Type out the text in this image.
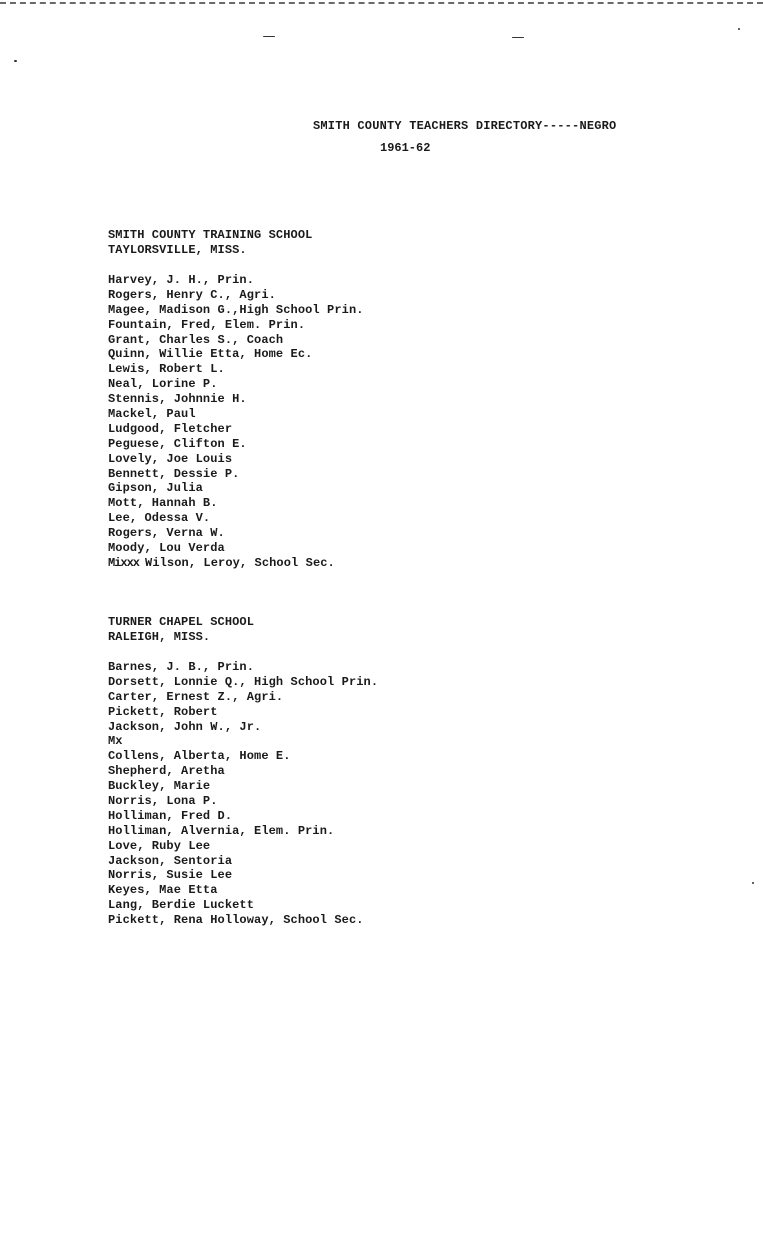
SMITH COUNTY TEACHERS DIRECTORY-----NEGRO
1961-62
SMITH COUNTY TRAINING SCHOOL
TAYLORSVILLE, MISS.
Harvey, J. H., Prin.
Rogers, Henry C., Agri.
Magee, Madison G.,High School Prin.
Fountain, Fred, Elem. Prin.
Grant, Charles S., Coach
Quinn, Willie Etta, Home Ec.
Lewis, Robert L.
Neal, Lorine P.
Stennis, Johnnie H.
Mackel, Paul
Ludgood, Fletcher
Peguese, Clifton E.
Lovely, Joe Louis
Bennett, Dessie P.
Gipson, Julia
Mott, Hannah B.
Lee, Odessa V.
Rogers, Verna W.
Moody, Lou Verda
Mixxx Wilson, Leroy, School Sec.
TURNER CHAPEL SCHOOL
RALEIGH, MISS.
Barnes, J. B., Prin.
Dorsett, Lonnie Q., High School Prin.
Carter, Ernest Z., Agri.
Pickett, Robert
Jackson, John W., Jr.
Mx
Collens, Alberta, Home E.
Shepherd, Aretha
Buckley, Marie
Norris, Lona P.
Holliman, Fred D.
Holliman, Alvernia, Elem. Prin.
Love, Ruby Lee
Jackson, Sentoria
Norris, Susie Lee
Keyes, Mae Etta
Lang, Berdie Luckett
Pickett, Rena Holloway, School Sec.
